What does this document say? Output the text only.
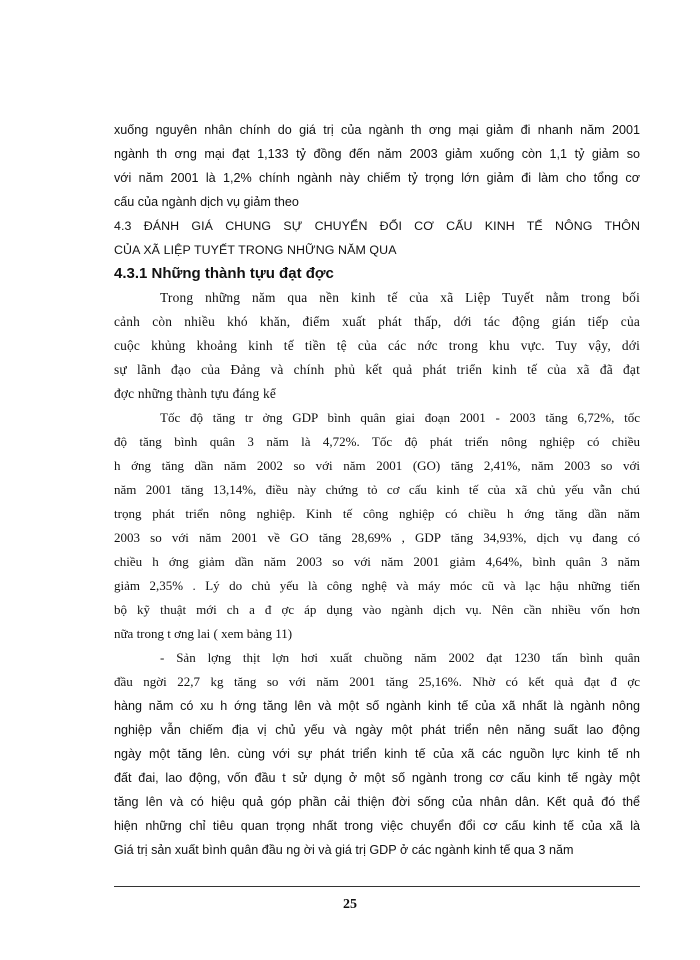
xuống nguyên nhân chính do giá trị của ngành th ơng mại giảm đi nhanh năm 2001
ngành th ơng mại đạt 1,133 tỷ đồng đến năm 2003 giảm xuống còn 1,1 tỷ giảm so
với năm 2001 là 1,2% chính ngành này chiếm tỷ trọng lớn giảm đi làm cho tổng cơ
cấu của ngành dịch vụ giảm theo
4.3 ĐÁNH GIÁ CHUNG SỰ CHUYỂN ĐỔI CƠ CẤU KINH TẾ NÔNG THÔN
CỦA XÃ LIỆP TUYẾT TRONG NHỮNG NĂM QUA
4.3.1 Những thành tựu đạt đợc
Trong những năm qua nền kinh tế của xã Liệp Tuyết nằm trong bối
cảnh còn nhiều khó khăn, điểm xuất phát thấp, dới tác động gián tiếp của
cuộc khủng khoảng kinh tế tiền tệ của các nớc trong khu vực. Tuy vậy, dới
sự lãnh đạo của Đảng và chính phủ kết quả phát triển kinh tế của xã đã đạt
đợc những thành tựu đáng kể
Tốc độ tăng tr ởng GDP bình quân giai đoạn 2001 - 2003 tăng 6,72%, tốc
độ tăng bình quân 3 năm là 4,72%. Tốc độ phát triển nông nghiệp có chiều
h ớng tăng dần năm 2002 so với năm 2001 (GO) tăng 2,41%, năm 2003 so với
năm 2001 tăng 13,14%, điều này chứng tỏ cơ cấu kinh tế của xã chủ yếu vẫn chú
trọng phát triển nông nghiệp. Kinh tế công nghiệp có chiều h ớng tăng dần năm
2003 so với năm 2001 về GO tăng 28,69% , GDP tăng 34,93%, dịch vụ đang có
chiều h ớng giảm dần năm 2003 so với năm 2001 giảm 4,64%, bình quân 3 năm
giảm 2,35% . Lý do chủ yếu là công nghệ và máy móc cũ và lạc hậu những tiến
bộ kỹ thuật mới ch a đ ợc áp dụng vào ngành dịch vụ. Nên cần nhiều vốn hơn
nữa trong t ơng lai ( xem bảng 11)
- Sản lợng thịt lợn hơi xuất chuồng năm 2002 đạt 1230 tấn bình quân
đầu ngời 22,7 kg tăng so với năm 2001 tăng 25,16%. Nhờ có kết quả đạt đ ợc
hàng năm có xu h ớng tăng lên và một số ngành kinh tế của xã nhất là ngành nông
nghiệp vẫn chiếm địa vị chủ yếu và ngày một phát triển nên năng suất lao động
ngày một tăng lên. cùng với sự phát triển kinh tế của xã các nguồn lực kinh tế nh
đất đai, lao động, vốn đầu t sử dụng ở một số ngành trong cơ cấu kinh tế ngày một
tăng lên và có hiệu quả góp phần cải thiện đời sống của nhân dân. Kết quả đó thể
hiện những chỉ tiêu quan trọng nhất trong việc chuyển đổi cơ cấu kinh tế của xã là
Giá trị sản xuất bình quân đầu ng ời và giá trị GDP ở các ngành kinh tế qua 3 năm
25
